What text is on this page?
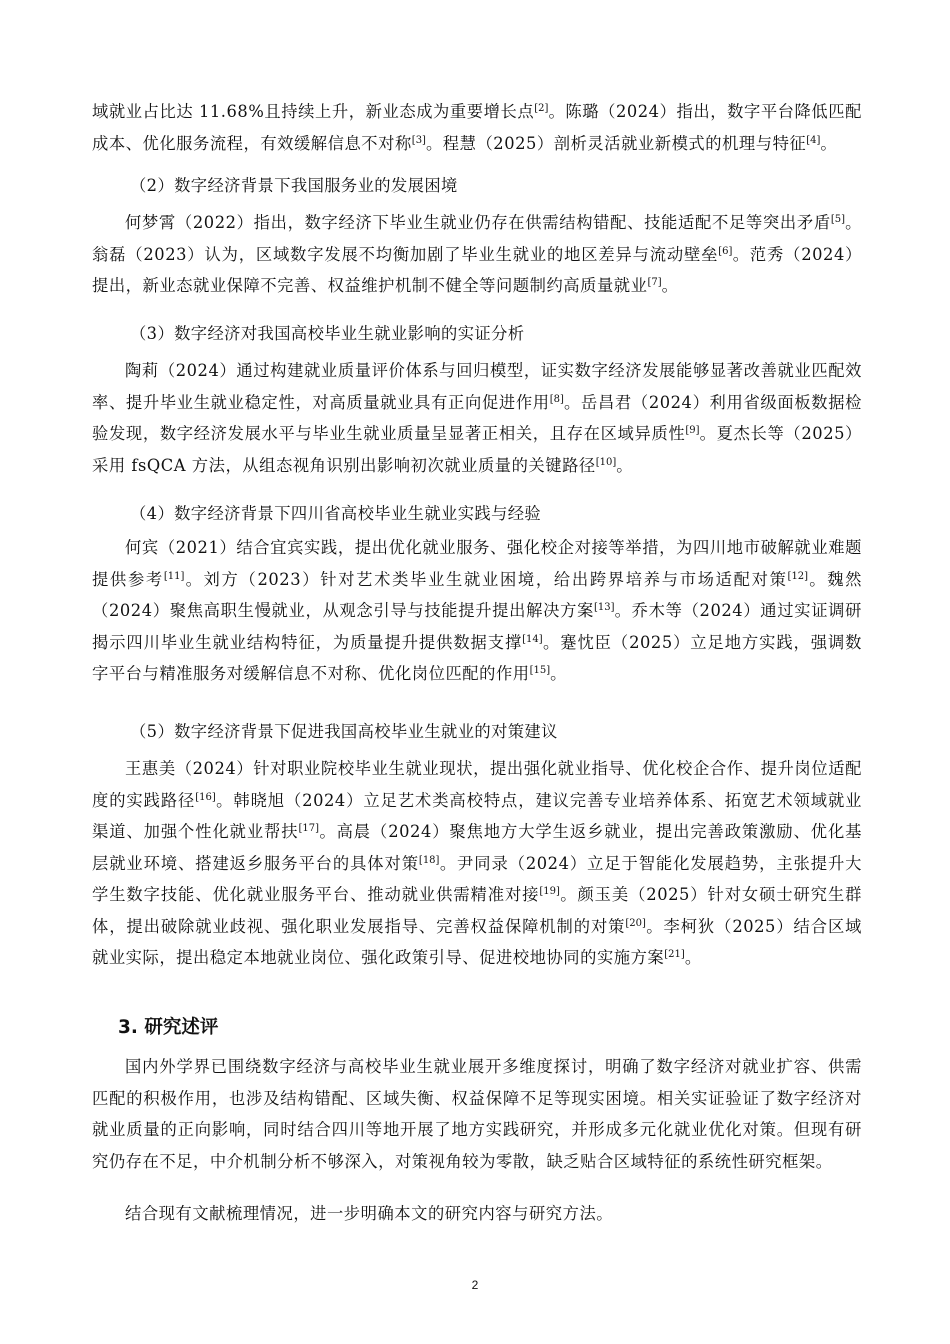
域就业占比达 11.68%且持续上升，新业态成为重要增长点[2]。陈璐（2024）指出，数字平台降低匹配成本、优化服务流程，有效缓解信息不对称[3]。程慧（2025）剖析灵活就业新模式的机理与特征[4]。

（2）数字经济背景下我国服务业的发展困境

何梦霄（2022）指出，数字经济下毕业生就业仍存在供需结构错配、技能适配不足等突出矛盾[5]。翁磊（2023）认为，区域数字发展不均衡加剧了毕业生就业的地区差异与流动壁垒[6]。范秀（2024）提出，新业态就业保障不完善、权益维护机制不健全等问题制约高质量就业[7]。

（3）数字经济对我国高校毕业生就业影响的实证分析

陶莉（2024）通过构建就业质量评价体系与回归模型，证实数字经济发展能够显著改善就业匹配效率、提升毕业生就业稳定性，对高质量就业具有正向促进作用[8]。岳昌君（2024）利用省级面板数据检验发现，数字经济发展水平与毕业生就业质量呈显著正相关，且存在区域异质性[9]。夏杰长等（2025）采用 fsQCA 方法，从组态视角识别出影响初次就业质量的关键路径[10]。

（4）数字经济背景下四川省高校毕业生就业实践与经验

何宾（2021）结合宜宾实践，提出优化就业服务、强化校企对接等举措，为四川地市破解就业难题提供参考[11]。刘方（2023）针对艺术类毕业生就业困境，给出跨界培养与市场适配对策[12]。魏然（2024）聚焦高职生慢就业，从观念引导与技能提升提出解决方案[13]。乔木等（2024）通过实证调研揭示四川毕业生就业结构特征，为质量提升提供数据支撑[14]。蹇忱臣（2025）立足地方实践，强调数字平台与精准服务对缓解信息不对称、优化岗位匹配的作用[15]。

（5）数字经济背景下促进我国高校毕业生就业的对策建议

王惠美（2024）针对职业院校毕业生就业现状，提出强化就业指导、优化校企合作、提升岗位适配度的实践路径[16]。韩晓旭（2024）立足艺术类高校特点，建议完善专业培养体系、拓宽艺术领域就业渠道、加强个性化就业帮扶[17]。高晨（2024）聚焦地方大学生返乡就业，提出完善政策激励、优化基层就业环境、搭建返乡服务平台的具体对策[18]。尹同录（2024）立足于智能化发展趋势，主张提升大学生数字技能、优化就业服务平台、推动就业供需精准对接[19]。颜玉美（2025）针对女硕士研究生群体，提出破除就业歧视、强化职业发展指导、完善权益保障机制的对策[20]。李柯狄（2025）结合区域就业实际，提出稳定本地就业岗位、强化政策引导、促进校地协同的实施方案[21]。

3. 研究述评

国内外学界已围绕数字经济与高校毕业生就业展开多维度探讨，明确了数字经济对就业扩容、供需匹配的积极作用，也涉及结构错配、区域失衡、权益保障不足等现实困境。相关实证验证了数字经济对就业质量的正向影响，同时结合四川等地开展了地方实践研究，并形成多元化就业优化对策。但现有研究仍存在不足，中介机制分析不够深入，对策视角较为零散，缺乏贴合区域特征的系统性研究框架。

结合现有文献梳理情况，进一步明确本文的研究内容与研究方法。

2
